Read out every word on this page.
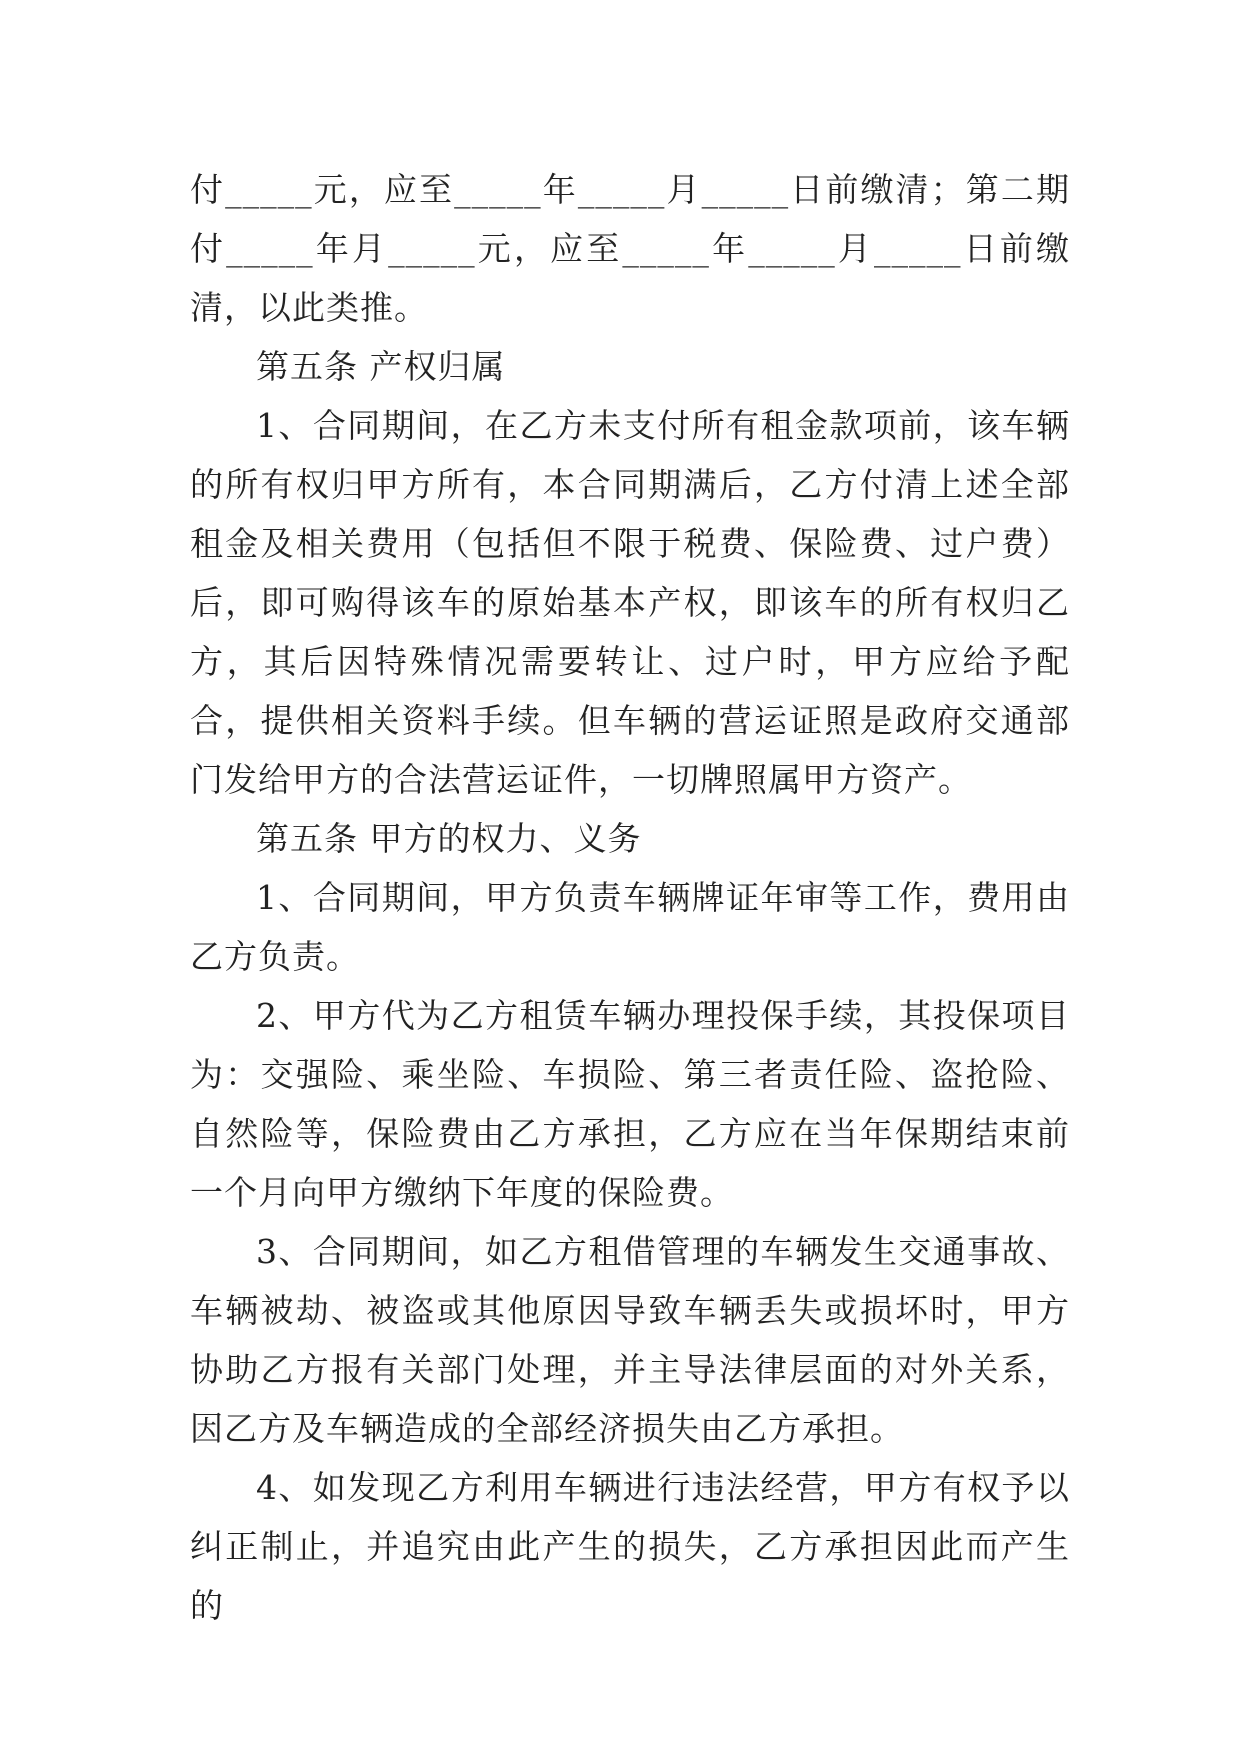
付_____元，应至_____年_____月_____日前缴清；第二期付_____年月_____元，应至_____年_____月_____日前缴清，以此类推。

第五条 产权归属

1、合同期间，在乙方未支付所有租金款项前，该车辆的所有权归甲方所有，本合同期满后，乙方付清上述全部租金及相关费用（包括但不限于税费、保险费、过户费）后，即可购得该车的原始基本产权，即该车的所有权归乙方，其后因特殊情况需要转让、过户时，甲方应给予配合，提供相关资料手续。但车辆的营运证照是政府交通部门发给甲方的合法营运证件，一切牌照属甲方资产。

第五条 甲方的权力、义务

1、合同期间，甲方负责车辆牌证年审等工作，费用由乙方负责。

2、甲方代为乙方租赁车辆办理投保手续，其投保项目为：交强险、乘坐险、车损险、第三者责任险、盗抢险、自然险等，保险费由乙方承担，乙方应在当年保期结束前一个月向甲方缴纳下年度的保险费。

3、合同期间，如乙方租借管理的车辆发生交通事故、车辆被劫、被盗或其他原因导致车辆丢失或损坏时，甲方协助乙方报有关部门处理，并主导法律层面的对外关系，因乙方及车辆造成的全部经济损失由乙方承担。

4、如发现乙方利用车辆进行违法经营，甲方有权予以纠正制止，并追究由此产生的损失，乙方承担因此而产生的
